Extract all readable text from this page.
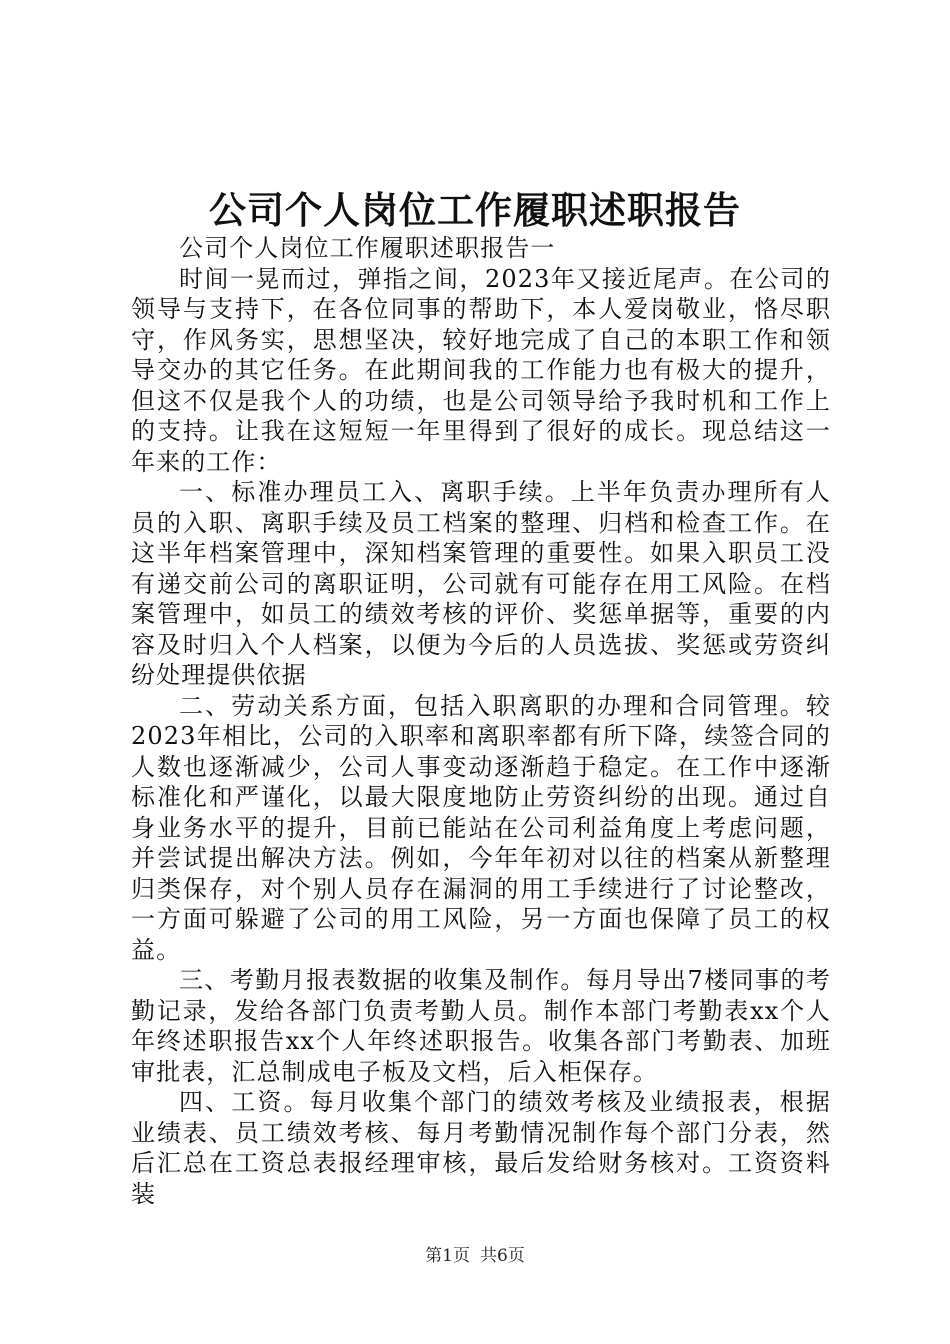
公司个人岗位工作履职述职报告

公司个人岗位工作履职述职报告一

时间一晃而过，弹指之间，2023年又接近尾声。在公司的领导与支持下，在各位同事的帮助下，本人爱岗敬业，恪尽职守，作风务实，思想坚决，较好地完成了自己的本职工作和领导交办的其它任务。在此期间我的工作能力也有极大的提升，但这不仅是我个人的功绩，也是公司领导给予我时机和工作上的支持。让我在这短短一年里得到了很好的成长。现总结这一年来的工作：

一、标准办理员工入、离职手续。上半年负责办理所有人员的入职、离职手续及员工档案的整理、归档和检查工作。在这半年档案管理中，深知档案管理的重要性。如果入职员工没有递交前公司的离职证明，公司就有可能存在用工风险。在档案管理中，如员工的绩效考核的评价、奖惩单据等，重要的内容及时归入个人档案，以便为今后的人员选拔、奖惩或劳资纠纷处理提供依据

二、劳动关系方面，包括入职离职的办理和合同管理。较2023年相比，公司的入职率和离职率都有所下降，续签合同的人数也逐渐减少，公司人事变动逐渐趋于稳定。在工作中逐渐标准化和严谨化，以最大限度地防止劳资纠纷的出现。通过自身业务水平的提升，目前已能站在公司利益角度上考虑问题，并尝试提出解决方法。例如，今年年初对以往的档案从新整理归类保存，对个别人员存在漏洞的用工手续进行了讨论整改，一方面可躲避了公司的用工风险，另一方面也保障了员工的权益。

三、考勤月报表数据的收集及制作。每月导出7楼同事的考勤记录，发给各部门负责考勤人员。制作本部门考勤表xx个人年终述职报告xx个人年终述职报告。收集各部门考勤表、加班审批表，汇总制成电子板及文档，后入柜保存。

四、工资。每月收集个部门的绩效考核及业绩报表，根据业绩表、员工绩效考核、每月考勤情况制作每个部门分表，然后汇总在工资总表报经理审核，最后发给财务核对。工资资料装

第1页 共6页
